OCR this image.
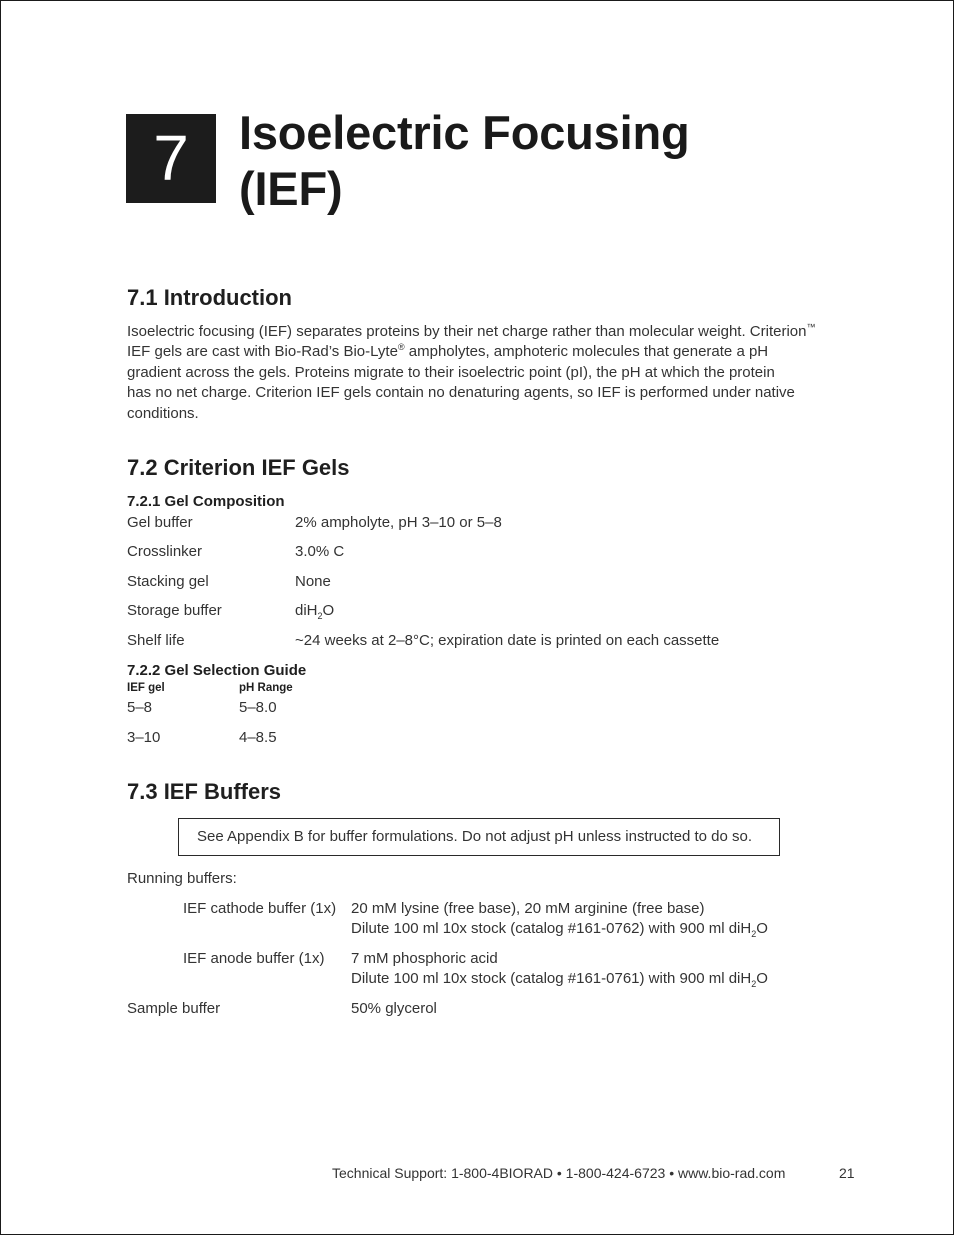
7	Isoelectric Focusing
(IEF)
7.1 Introduction
Isoelectric focusing (IEF) separates proteins by their net charge rather than molecular weight. Criterion™
IEF gels are cast with Bio-Rad’s Bio-Lyte® ampholytes, amphoteric molecules that generate a pH
gradient across the gels. Proteins migrate to their isoelectric point (pI), the pH at which the protein
has no net charge. Criterion IEF gels contain no denaturing agents, so IEF is performed under native
conditions.
7.2 Criterion IEF Gels
7.2.1 Gel Composition
Gel buffer	2% ampholyte, pH 3–10 or 5–8
Crosslinker	3.0% C
Stacking gel	None
Storage buffer	diH$_2$O
Shelf life	~24 weeks at 2–8°C; expiration date is printed on each cassette
7.2.2 Gel Selection Guide
IEF gel	pH Range
5–8	5–8.0
3–10	4–8.5
7.3 IEF Buffers
See Appendix B for buffer formulations. Do not adjust pH unless instructed to do so.
Running buffers:
IEF cathode buffer (1x) 20 mM lysine (free base), 20 mM arginine (free base)
Dilute 100 ml 10x stock (catalog #161-0762) with 900 ml diH$_2$O
IEF anode buffer (1x) 7 mM phosphoric acid
Dilute 100 ml 10x stock (catalog #161-0761) with 900 ml diH$_2$O
Sample buffer	50% glycerol
Technical Support: 1-800-4BIORAD • 1-800-424-6723 • www.bio-rad.com	21
